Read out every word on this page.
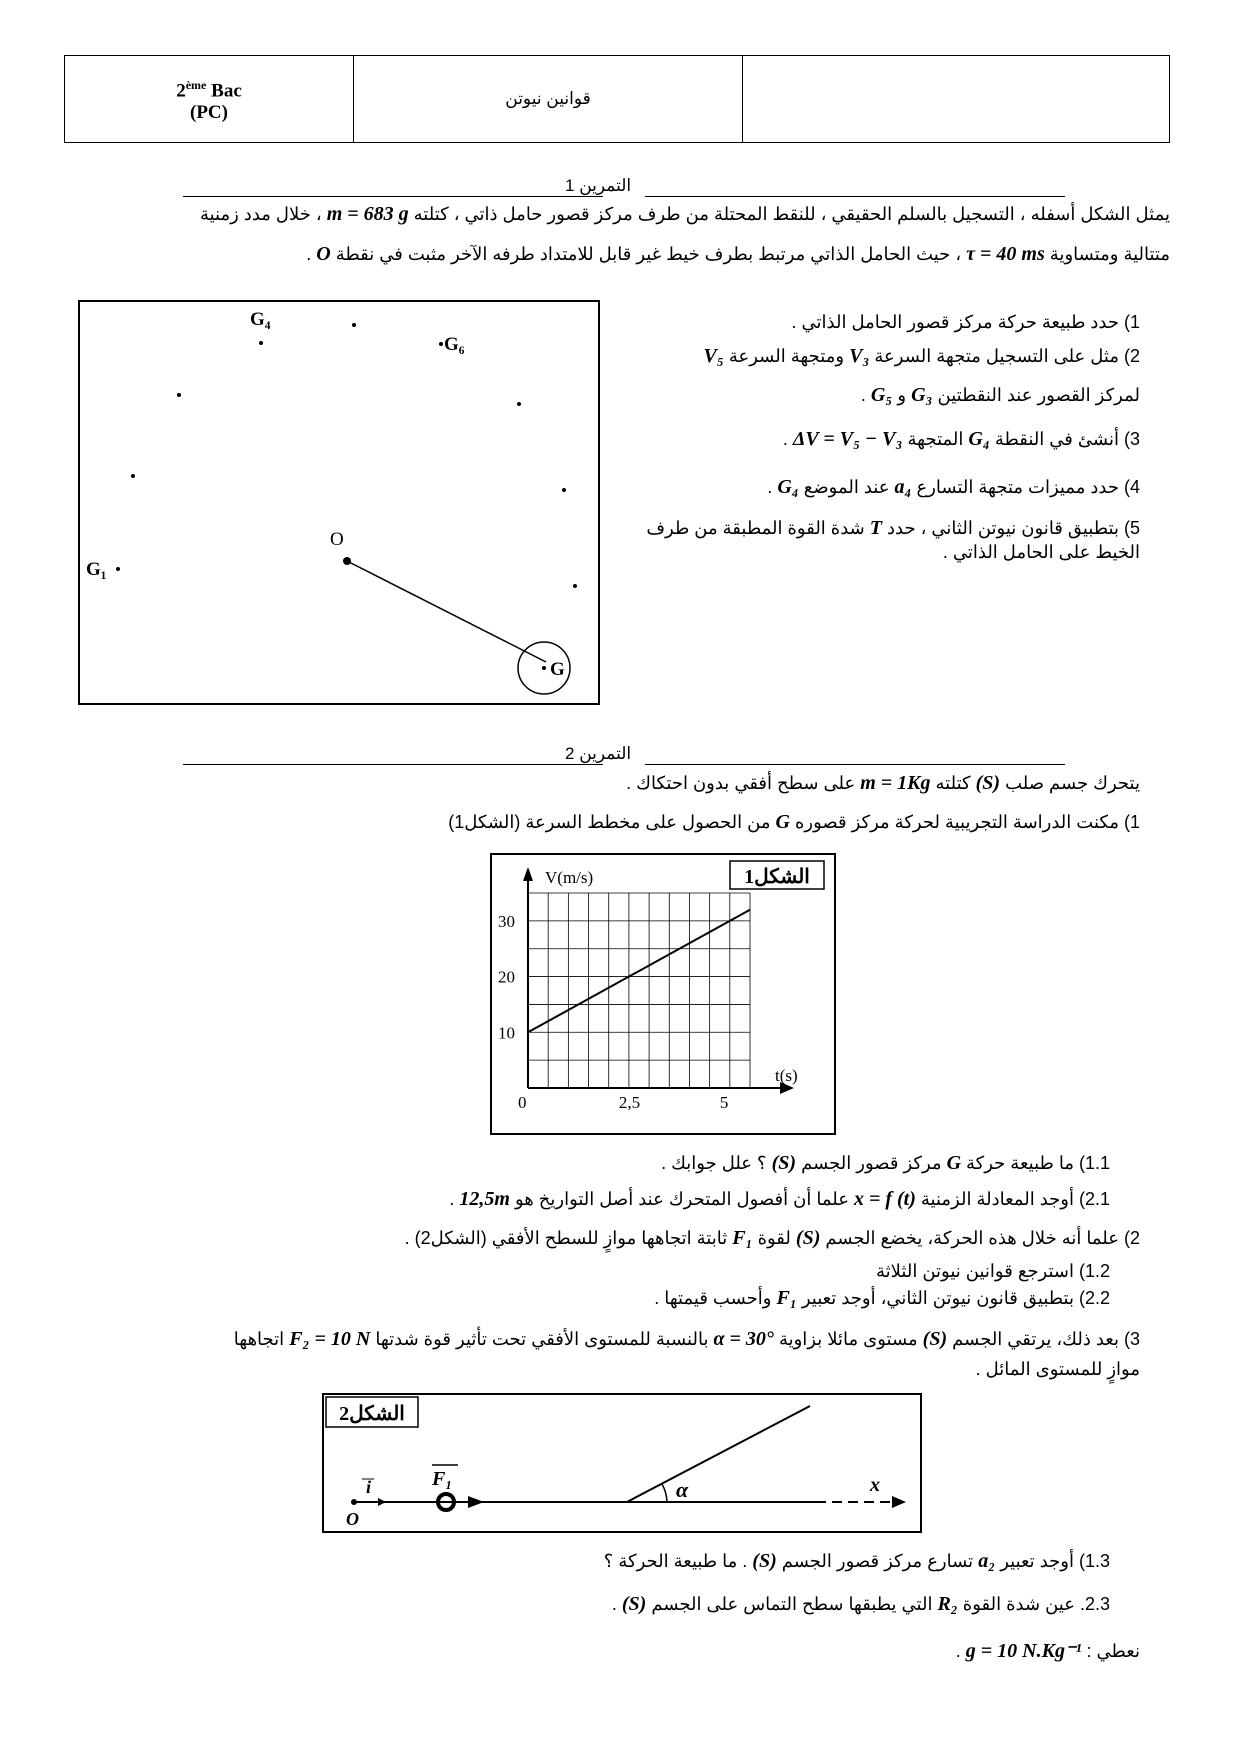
2ème Bac
(PC)
	قوانين نيوتن	
التمرين 1
يمثل الشكل أسفله ، التسجيل بالسلم الحقيقي ، للنقط المحتلة من طرف مركز قصور حامل ذاتي ، كتلته m = 683 g ، خلال مدد زمنية
متتالية ومتساوية τ = 40 ms ، حيث الحامل الذاتي مرتبط بطرف خيط غير قابل للامتداد طرفه الآخر مثبت في نقطة O .
G₄
G₆
G₁
O
G
1) حدد طبيعة حركة مركز قصور الحامل الذاتي .
2) مثل على التسجيل متجهة السرعة V₃ ومتجهة السرعة V₅
لمركز القصور عند النقطتين G₃ و G₅ .
3) أنشئ في النقطة G₄ المتجهة ΔV = V₅ − V₃ .
4) حدد مميزات متجهة التسارع a₄ عند الموضع G₄ .
5) بتطبيق قانون نيوتن الثاني ، حدد T شدة القوة المطبقة من طرف
الخيط على الحامل الذاتي .
التمرين 2
يتحرك جسم صلب (S) كتلته m = 1Kg على سطح أفقي بدون احتكاك .
1) مكنت الدراسة التجريبية لحركة مركز قصوره G من الحصول على مخطط السرعة (الشكل1)
الشكل1
V(m/s)
t(s)
0	2,5	5
10
20
30
1.1) ما طبيعة حركة G مركز قصور الجسم (S) ؟ علل جوابك .
2.1) أوجد المعادلة الزمنية x = f (t) علما أن أفصول المتحرك عند أصل التواريخ هو 12,5m .
2) علما أنه خلال هذه الحركة، يخضع الجسم (S) لقوة F₁ ثابتة اتجاهها موازٍ للسطح الأفقي (الشكل2) .
1.2) استرجع قوانين نيوتن الثلاثة
2.2) بتطبيق قانون نيوتن الثاني، أوجد تعبير F₁ وأحسب قيمتها .
3) بعد ذلك، يرتقي الجسم (S) مستوى مائلا بزاوية α = 30° بالنسبة للمستوى الأفقي تحت تأثير قوة شدتها F₂ = 10 N اتجاهها
موازٍ للمستوى المائل .
الشكل2
α
i
O
F₁	x
1.3) أوجد تعبير a₂ تسارع مركز قصور الجسم (S) . ما طبيعة الحركة ؟
2.3. عين شدة القوة R₂ التي يطبقها سطح التماس على الجسم (S) .
نعطي : g = 10 N.Kg⁻¹ .
